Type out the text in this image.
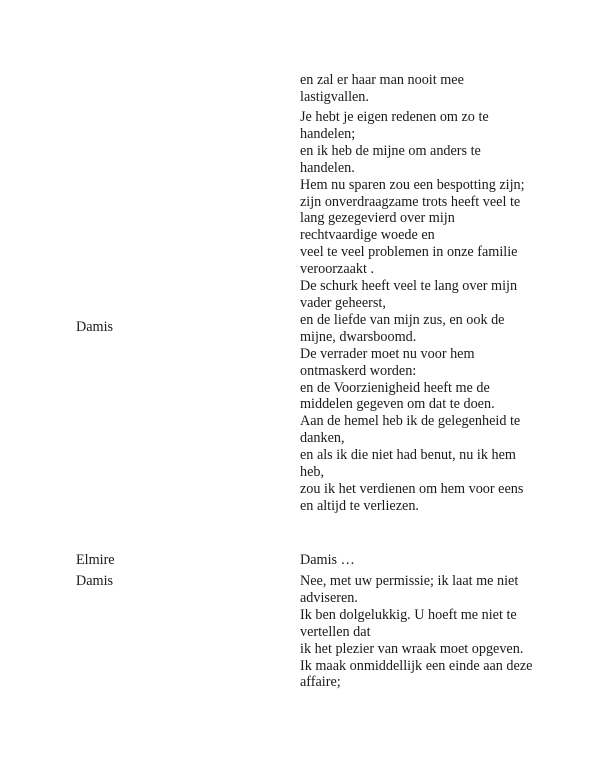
en zal er haar man nooit mee lastigvallen.
Damis
Je hebt je eigen redenen om zo te handelen;
en ik heb de mijne om anders te handelen.
Hem nu sparen zou een bespotting zijn;
zijn onverdraagzame trots heeft veel te lang gezegevierd over mijn rechtvaardige woede en
veel te veel problemen in onze familie
veroorzaakt .
De schurk heeft veel te lang over mijn vader geheerst,
en de liefde van mijn zus, en ook de mijne, dwarsboomd.
De verrader moet nu voor hem ontmaskerd worden:
en de Voorzienigheid heeft me de middelen gegeven om dat te doen.
Aan de hemel heb ik de gelegenheid te danken,
en als ik die niet had benut, nu ik hem heb,
zou ik het verdienen om hem voor eens en altijd te verliezen.
Elmire	Damis …
Damis	Nee, met uw permissie; ik laat me niet adviseren.
Ik ben dolgelukkig. U hoeft me niet te vertellen dat
ik het plezier van wraak moet opgeven.
Ik maak onmiddellijk een einde aan deze affaire;
